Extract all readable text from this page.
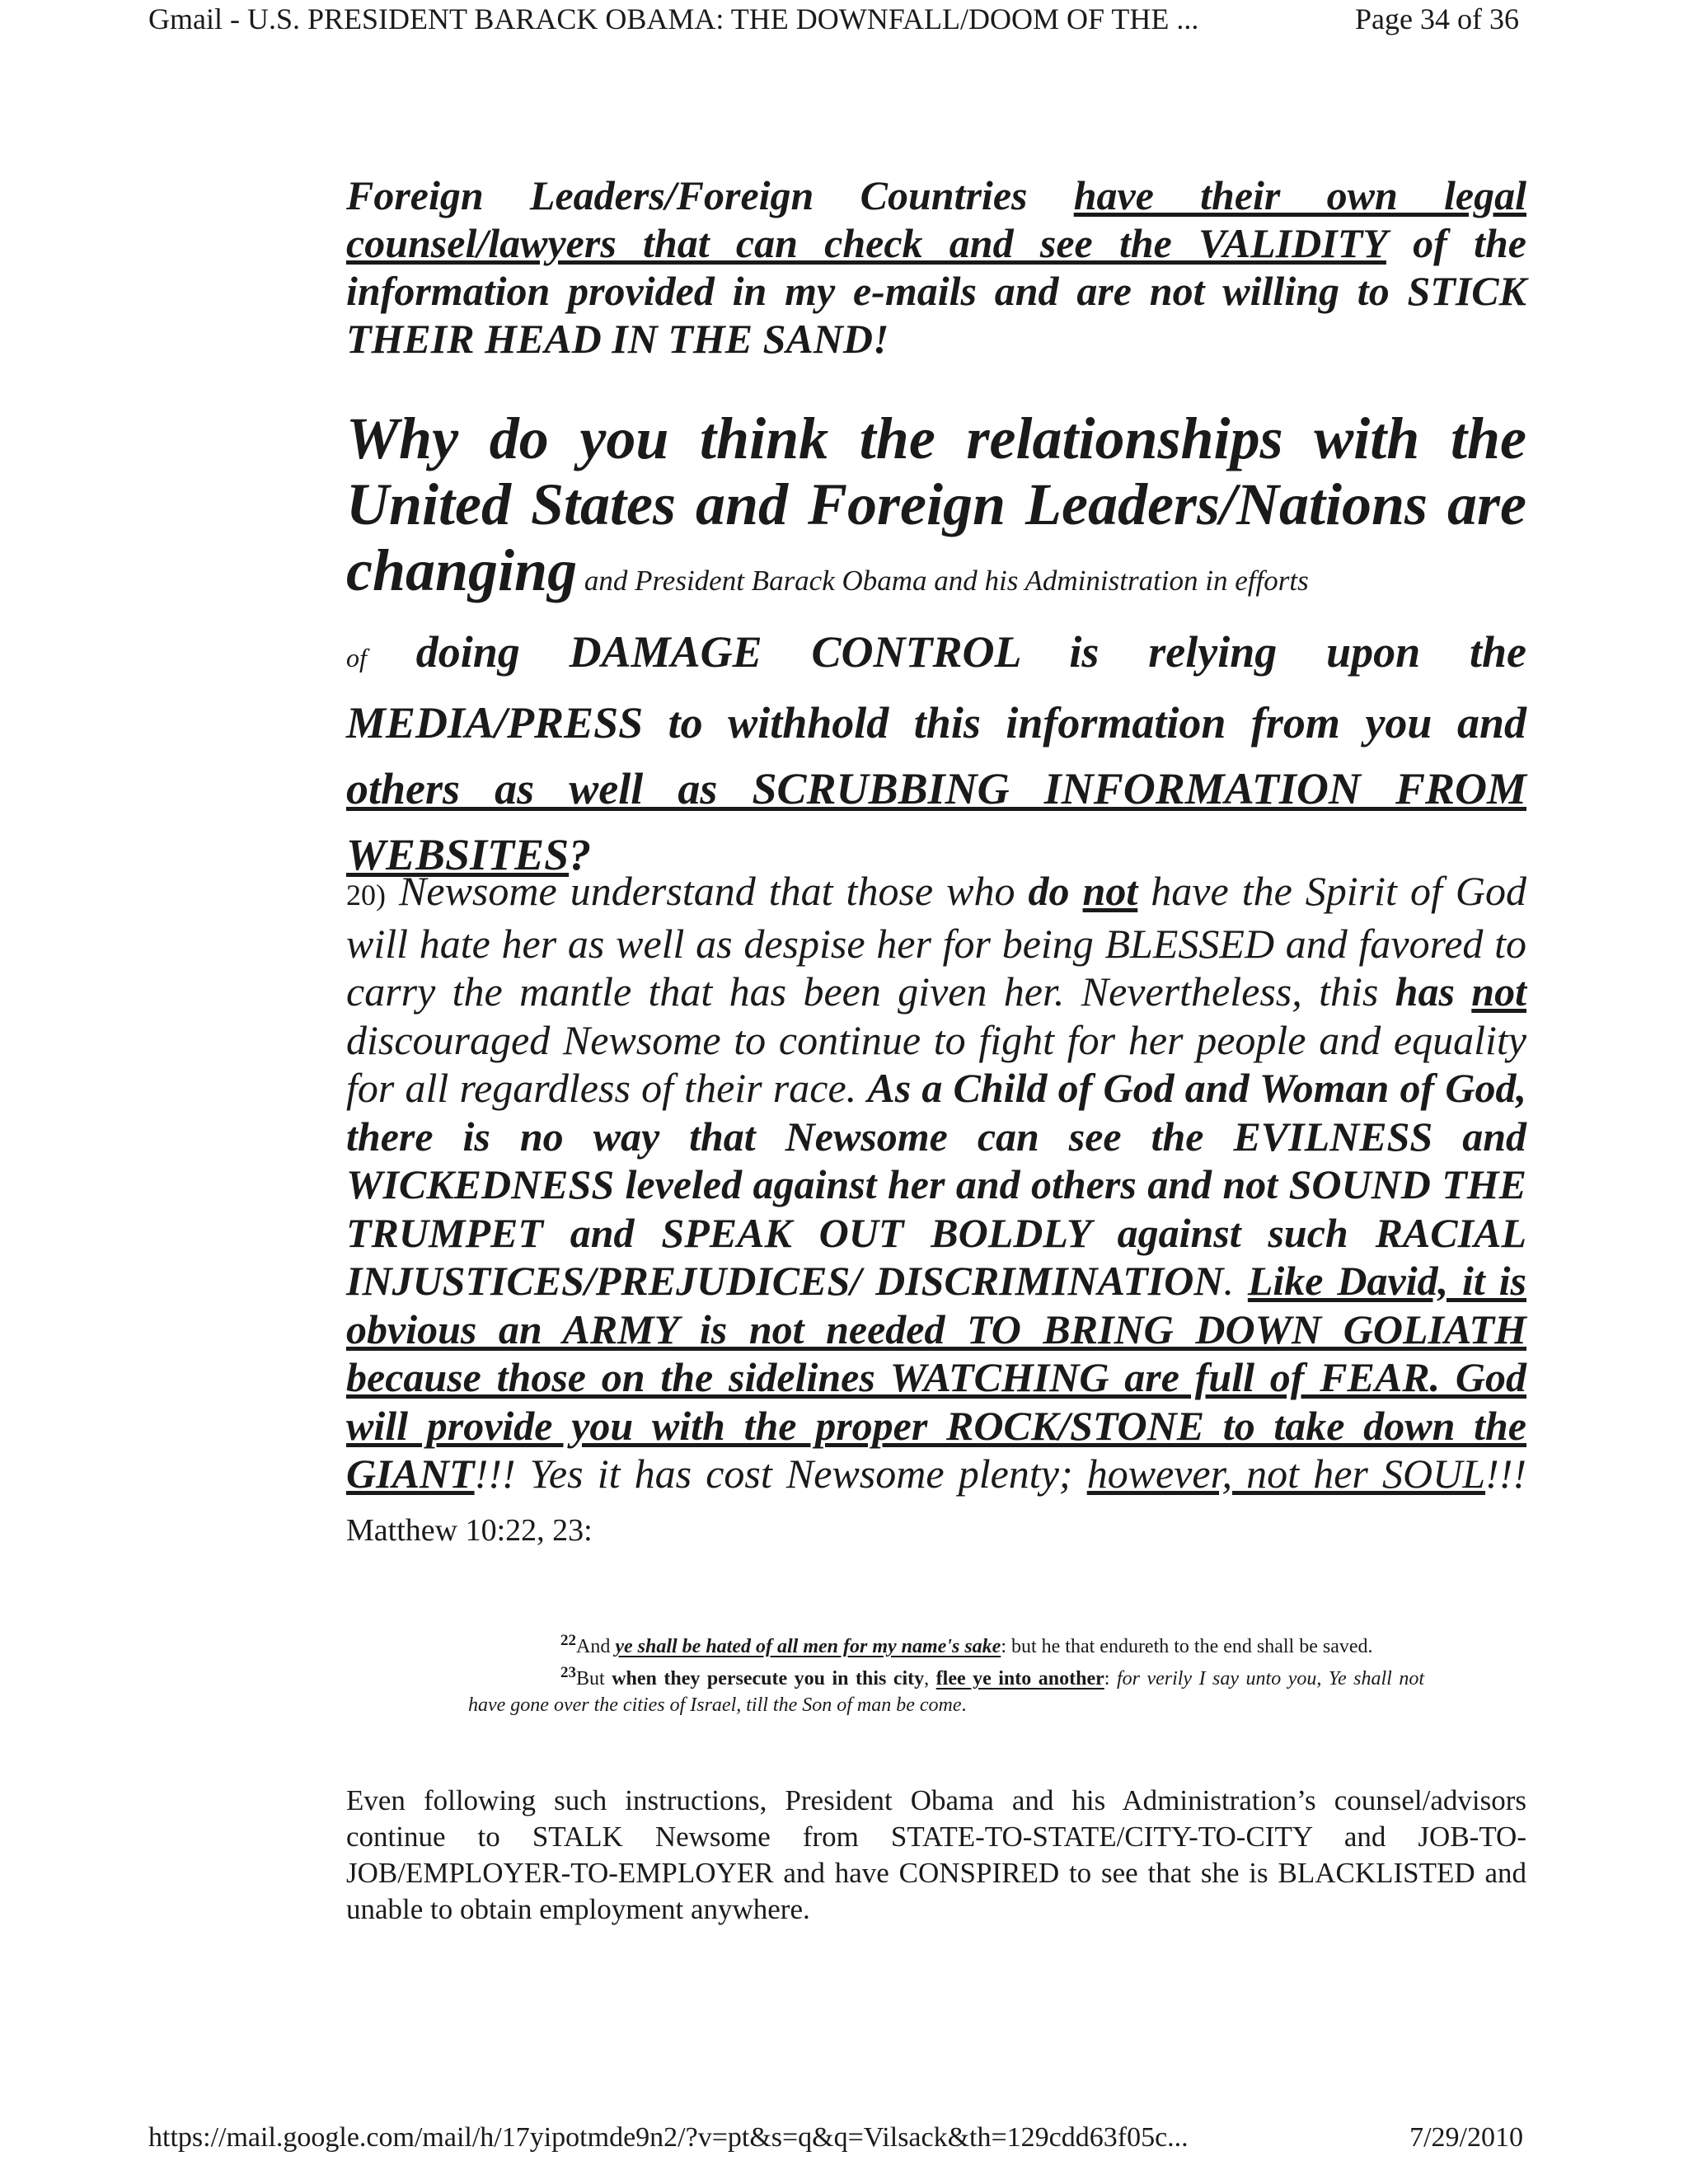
Gmail - U.S. PRESIDENT BARACK OBAMA: THE DOWNFALL/DOOM OF THE ...	Page 34 of 36
Foreign Leaders/Foreign Countries have their own legal counsel/lawyers that can check and see the VALIDITY of the information provided in my e-mails and are not willing to STICK THEIR HEAD IN THE SAND!
Why do you think the relationships with the United States and Foreign Leaders/Nations are changing and President Barack Obama and his Administration in efforts
of doing DAMAGE CONTROL is relying upon the MEDIA/PRESS to withhold this information from you and others as well as SCRUBBING INFORMATION FROM WEBSITES?
20) Newsome understand that those who do not have the Spirit of God will hate her as well as despise her for being BLESSED and favored to carry the mantle that has been given her. Nevertheless, this has not discouraged Newsome to continue to fight for her people and equality for all regardless of their race. As a Child of God and Woman of God, there is no way that Newsome can see the EVILNESS and WICKEDNESS leveled against her and others and not SOUND THE TRUMPET and SPEAK OUT BOLDLY against such RACIAL INJUSTICES/PREJUDICES/ DISCRIMINATION. Like David, it is obvious an ARMY is not needed TO BRING DOWN GOLIATH because those on the sidelines WATCHING are full of FEAR. God will provide you with the proper ROCK/STONE to take down the GIANT!!! Yes it has cost Newsome plenty; however, not her SOUL!!! Matthew 10:22, 23:

$^{22}$And ye shall be hated of all men for my name's sake: but he that endureth to the end shall be saved.

$^{23}$But when they persecute you in this city, flee ye into another: for verily I say unto you, Ye shall not have gone over the cities of Israel, till the Son of man be come.

Even following such instructions, President Obama and his Administration’s counsel/advisors continue to STALK Newsome from STATE-TO-STATE/CITY-TO-CITY and JOB-TO-JOB/EMPLOYER-TO-EMPLOYER and have CONSPIRED to see that she is BLACKLISTED and unable to obtain employment anywhere.
https://mail.google.com/mail/h/17yipotmde9n2/?v=pt&s=q&q=Vilsack&th=129cdd63f05c...	7/29/2010
